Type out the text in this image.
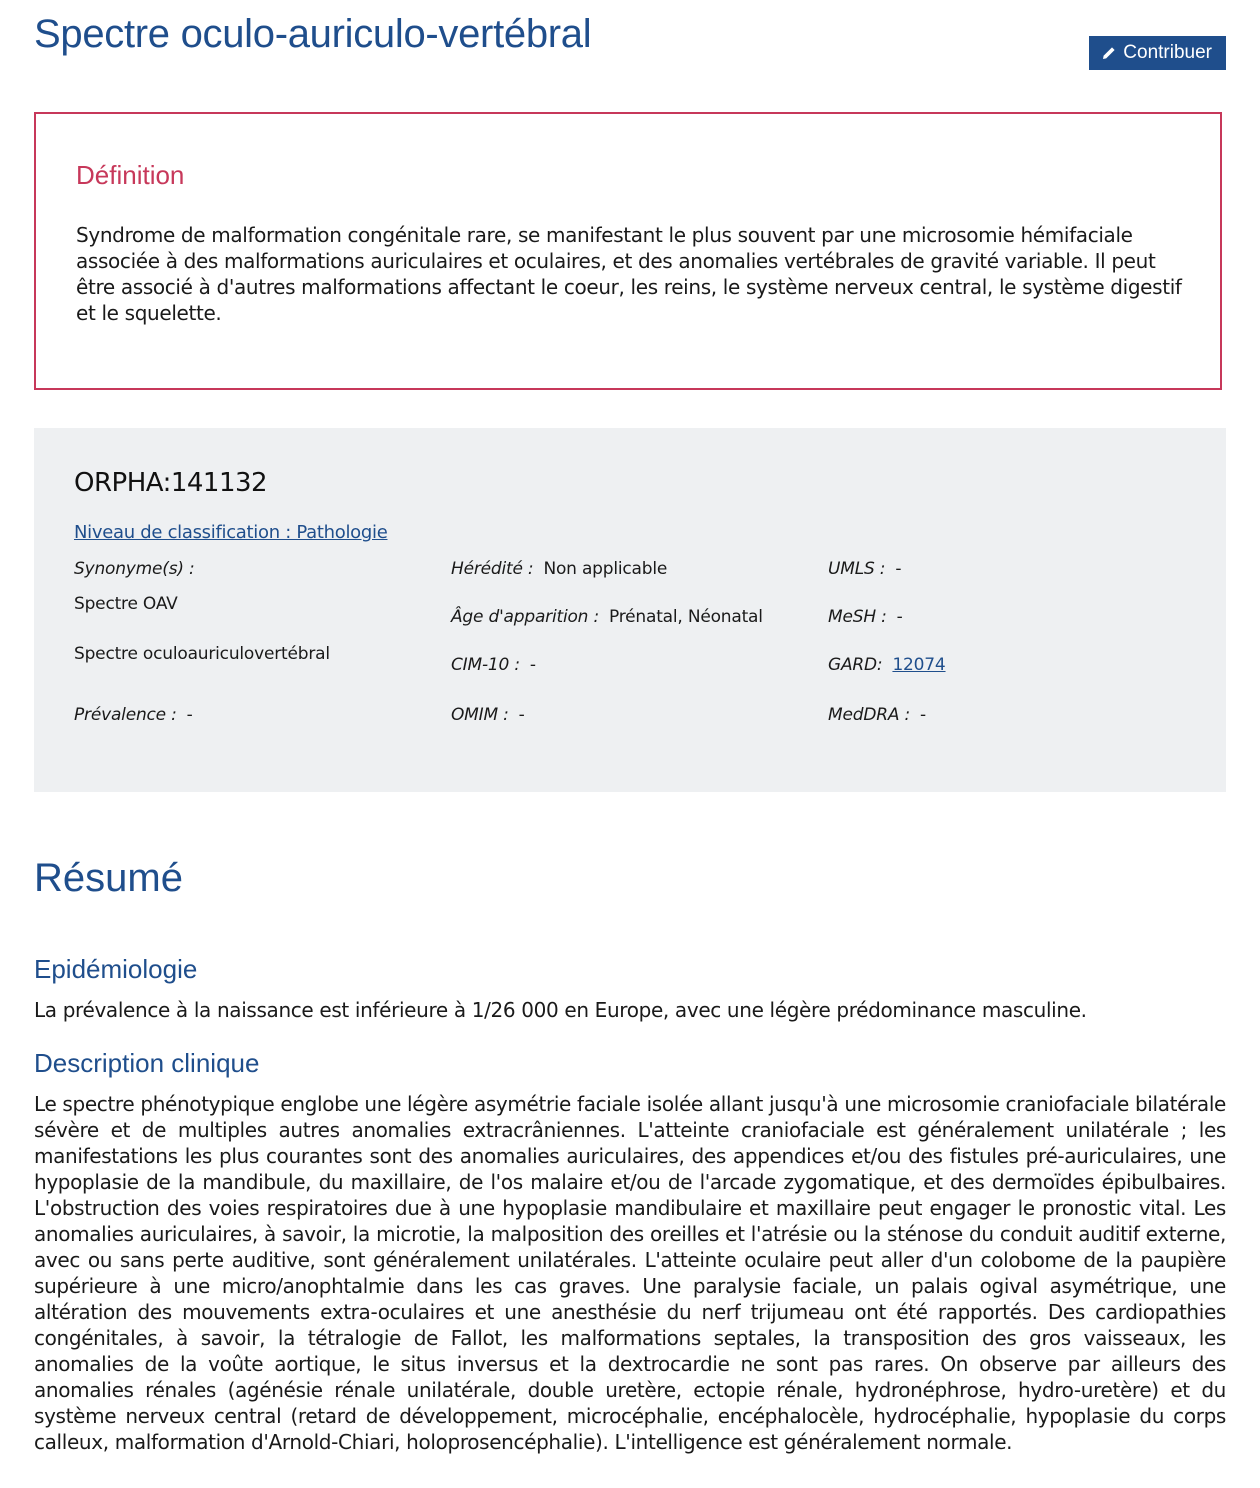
Spectre oculo-auriculo-vertébral	Contribuer
Définition

Syndrome de malformation congénitale rare, se manifestant le plus souvent par une microsomie hémifaciale associée à des malformations auriculaires et oculaires, et des anomalies vertébrales de gravité variable. Il peut être associé à d'autres malformations affectant le coeur, les reins, le système nerveux central, le système digestif et le squelette.

ORPHA:141132
Niveau de classification : Pathologie
Synonyme(s) :
Spectre OAV
Spectre oculoauriculovertébral
Prévalence : -
Hérédité : Non applicable
Âge d'apparition : Prénatal, Néonatal
CIM-10 : -
OMIM : -
UMLS : -
MeSH : -
GARD: 12074
MedDRA : -
Résumé
Epidémiologie

La prévalence à la naissance est inférieure à 1/26 000 en Europe, avec une légère prédominance masculine.

Description clinique

Le spectre phénotypique englobe une légère asymétrie faciale isolée allant jusqu'à une microsomie craniofaciale bilatérale sévère et de multiples autres anomalies extracrâniennes. L'atteinte craniofaciale est généralement unilatérale ; les manifestations les plus courantes sont des anomalies auriculaires, des appendices et/ou des fistules pré-auriculaires, une hypoplasie de la mandibule, du maxillaire, de l'os malaire et/ou de l'arcade zygomatique, et des dermoïdes épibulbaires. L'obstruction des voies respiratoires due à une hypoplasie mandibulaire et maxillaire peut engager le pronostic vital. Les anomalies auriculaires, à savoir, la microtie, la malposition des oreilles et l'atrésie ou la sténose du conduit auditif externe, avec ou sans perte auditive, sont généralement unilatérales. L'atteinte oculaire peut aller d'un colobome de la paupière supérieure à une micro/anophtalmie dans les cas graves. Une paralysie faciale, un palais ogival asymétrique, une altération des mouvements extra-oculaires et une anesthésie du nerf trijumeau ont été rapportés. Des cardiopathies congénitales, à savoir, la tétralogie de Fallot, les malformations septales, la transposition des gros vaisseaux, les anomalies de la voûte aortique, le situs inversus et la dextrocardie ne sont pas rares. On observe par ailleurs des anomalies rénales (agénésie rénale unilatérale, double uretère, ectopie rénale, hydronéphrose, hydro-uretère) et du système nerveux central (retard de développement, microcéphalie, encéphalocèle, hydrocéphalie, hypoplasie du corps calleux, malformation d'Arnold-Chiari, holoprosencéphalie). L'intelligence est généralement normale.
